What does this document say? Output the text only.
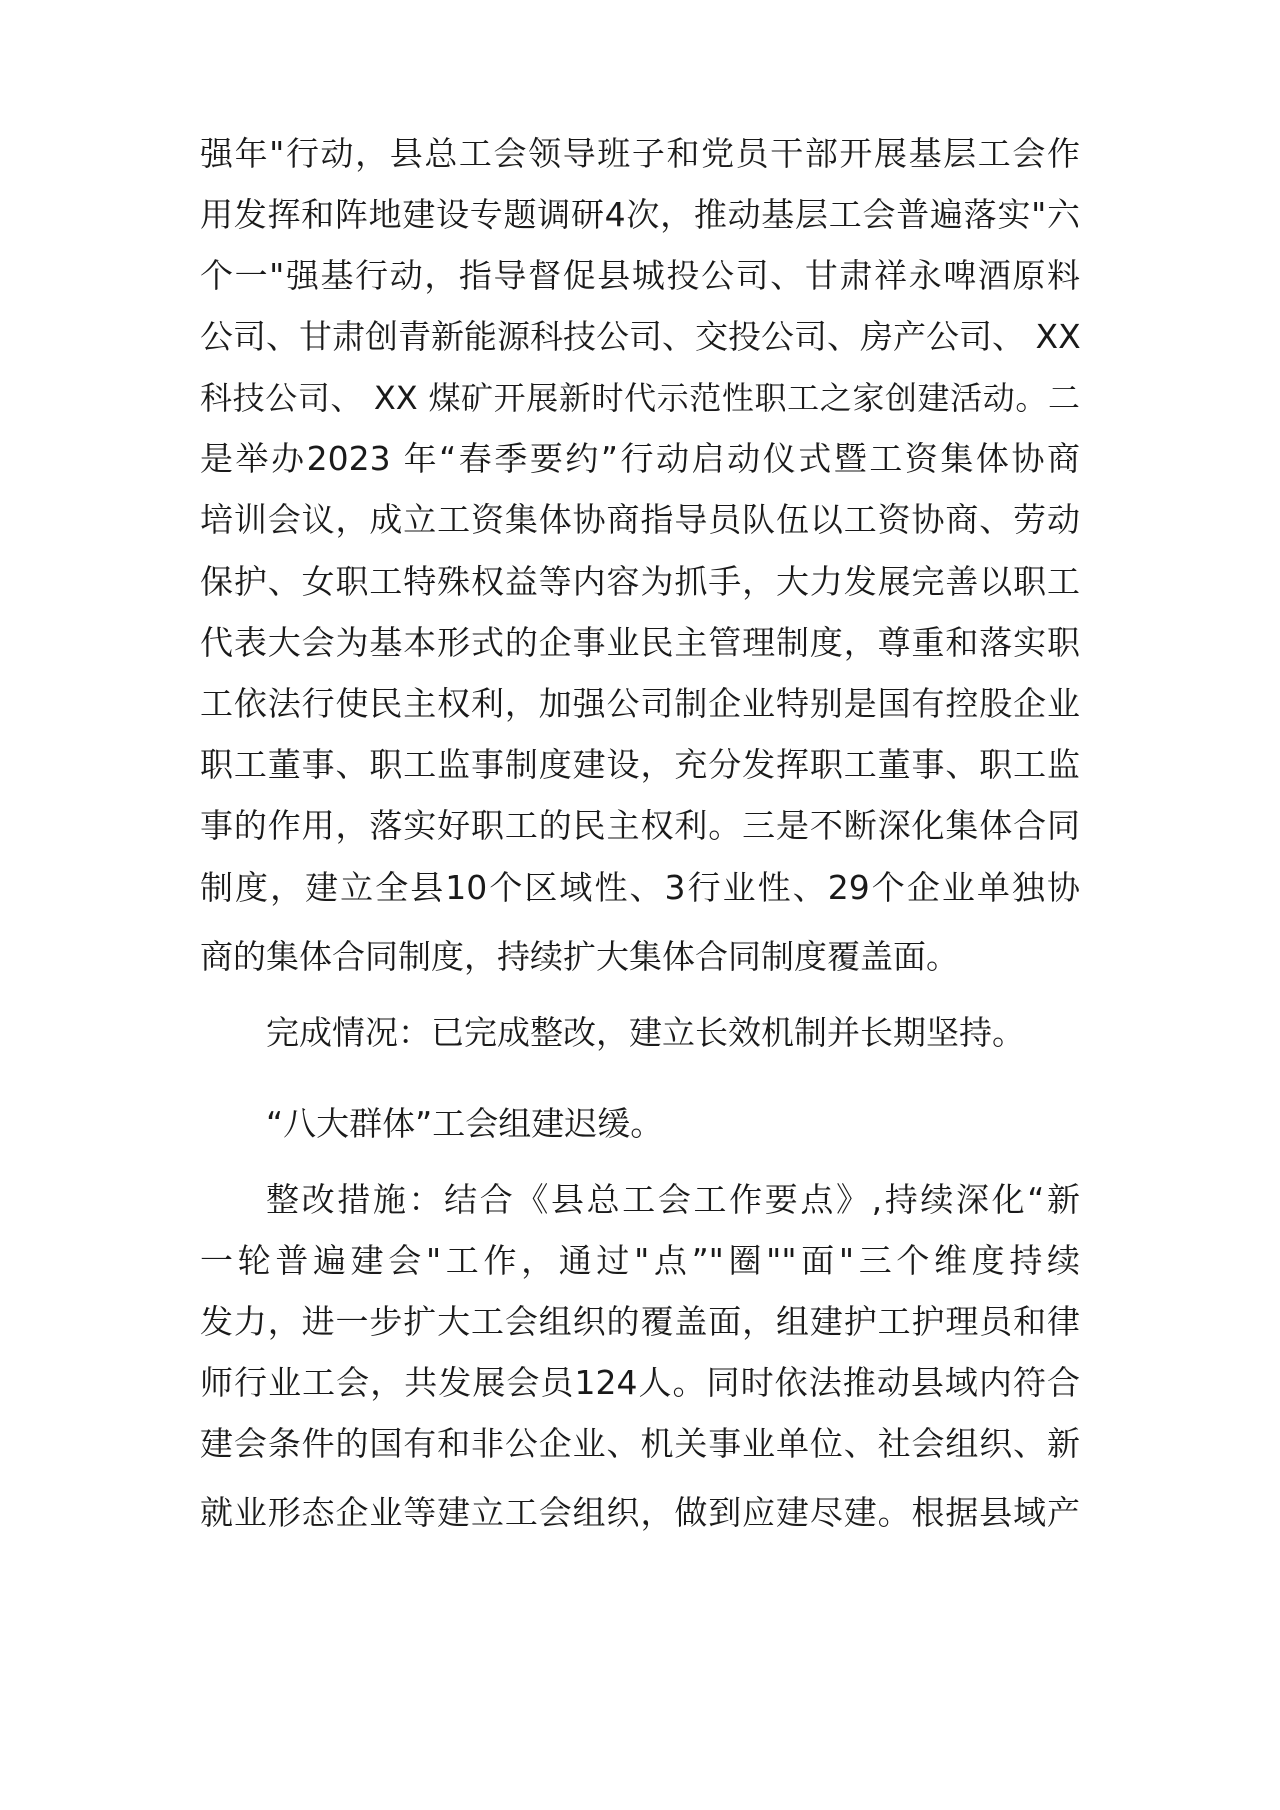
强年"行动，县总工会领导班子和党员干部开展基层工会作
用发挥和阵地建设专题调研4次，推动基层工会普遍落实"六
个一"强基行动，指导督促县城投公司、甘肃祥永啤酒原料
公司、甘肃创青新能源科技公司、交投公司、房产公司、 XX
科技公司、 XX 煤矿开展新时代示范性职工之家创建活动。二
是举办2023 年“春季要约”行动启动仪式暨工资集体协商
培训会议，成立工资集体协商指导员队伍以工资协商、劳动
保护、女职工特殊权益等内容为抓手，大力发展完善以职工
代表大会为基本形式的企事业民主管理制度，尊重和落实职
工依法行使民主权利，加强公司制企业特别是国有控股企业
职工董事、职工监事制度建设，充分发挥职工董事、职工监
事的作用，落实好职工的民主权利。三是不断深化集体合同
制度，建立全县10个区域性、3行业性、29个企业单独协
商的集体合同制度，持续扩大集体合同制度覆盖面。
完成情况：已完成整改，建立长效机制并长期坚持。
“八大群体”工会组建迟缓。
整改措施：结合《县总工会工作要点》,持续深化“新
一轮普遍建会"工作，通过"点”"圈""面"三个维度持续
发力，进一步扩大工会组织的覆盖面，组建护工护理员和律
师行业工会，共发展会员124人。同时依法推动县域内符合
建会条件的国有和非公企业、机关事业单位、社会组织、新
就业形态企业等建立工会组织，做到应建尽建。根据县域产
